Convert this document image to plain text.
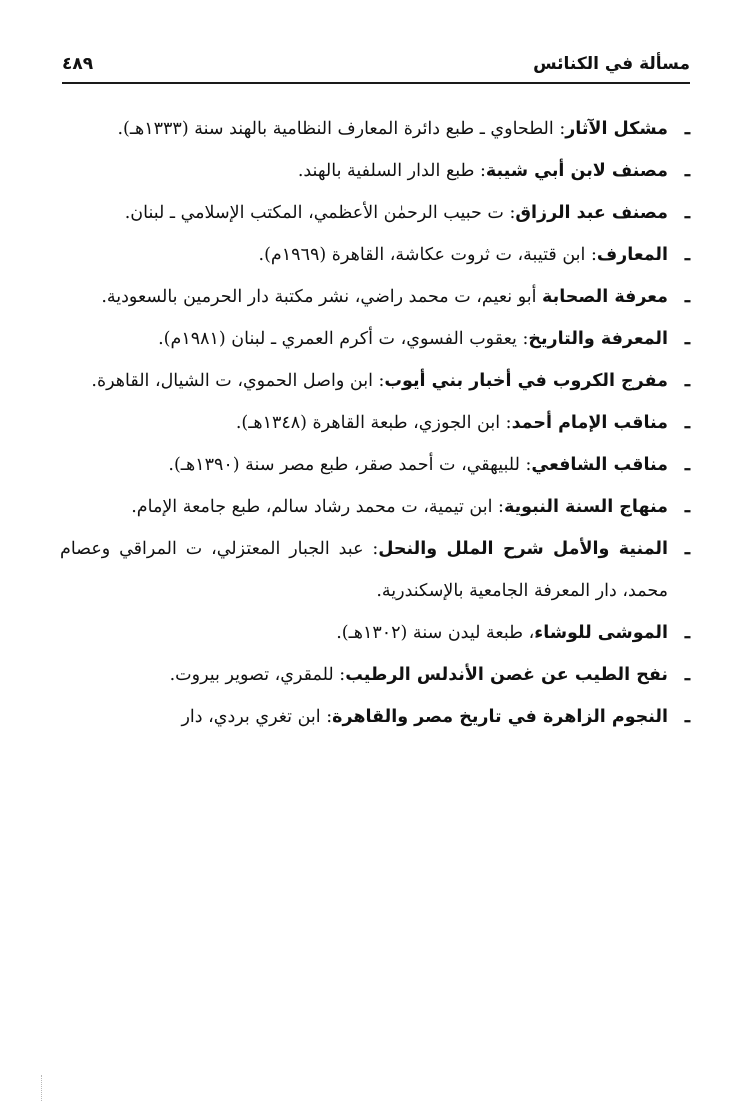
مسألة في الكنائس
٤٨٩
ـ
مشكل الآثار: الطحاوي ـ طبع دائرة المعارف النظامية بالهند سنة (١٣٣٣هـ).
ـ
مصنف لابن أبي شيبة: طبع الدار السلفية بالهند.
ـ
مصنف عبد الرزاق: ت حبيب الرحمٰن الأعظمي، المكتب الإسلامي ـ لبنان.
ـ
المعارف: ابن قتيبة، ت ثروت عكاشة، القاهرة (١٩٦٩م).
ـ
معرفة الصحابة أبو نعيم، ت محمد راضي، نشر مكتبة دار الحرمين بالسعودية.
ـ
المعرفة والتاريخ: يعقوب الفسوي، ت أكرم العمري ـ لبنان (١٩٨١م).
ـ
مفرج الكروب في أخبار بني أيوب: ابن واصل الحموي، ت الشيال، القاهرة.
ـ
مناقب الإمام أحمد: ابن الجوزي، طبعة القاهرة (١٣٤٨هـ).
ـ
مناقب الشافعي: للبيهقي، ت أحمد صقر، طبع مصر سنة (١٣٩٠هـ).
ـ
منهاج السنة النبوية: ابن تيمية، ت محمد رشاد سالم، طبع جامعة الإمام.
ـ
المنية والأمل شرح الملل والنحل: عبد الجبار المعتزلي، ت المراقي وعصام محمد، دار المعرفة الجامعية بالإسكندرية.
ـ
الموشى للوشاء، طبعة ليدن سنة (١٣٠٢هـ).
ـ
نفح الطيب عن غصن الأندلس الرطيب: للمقري، تصوير بيروت.
ـ
النجوم الزاهرة في تاريخ مصر والقاهرة: ابن تغري بردي، دار
